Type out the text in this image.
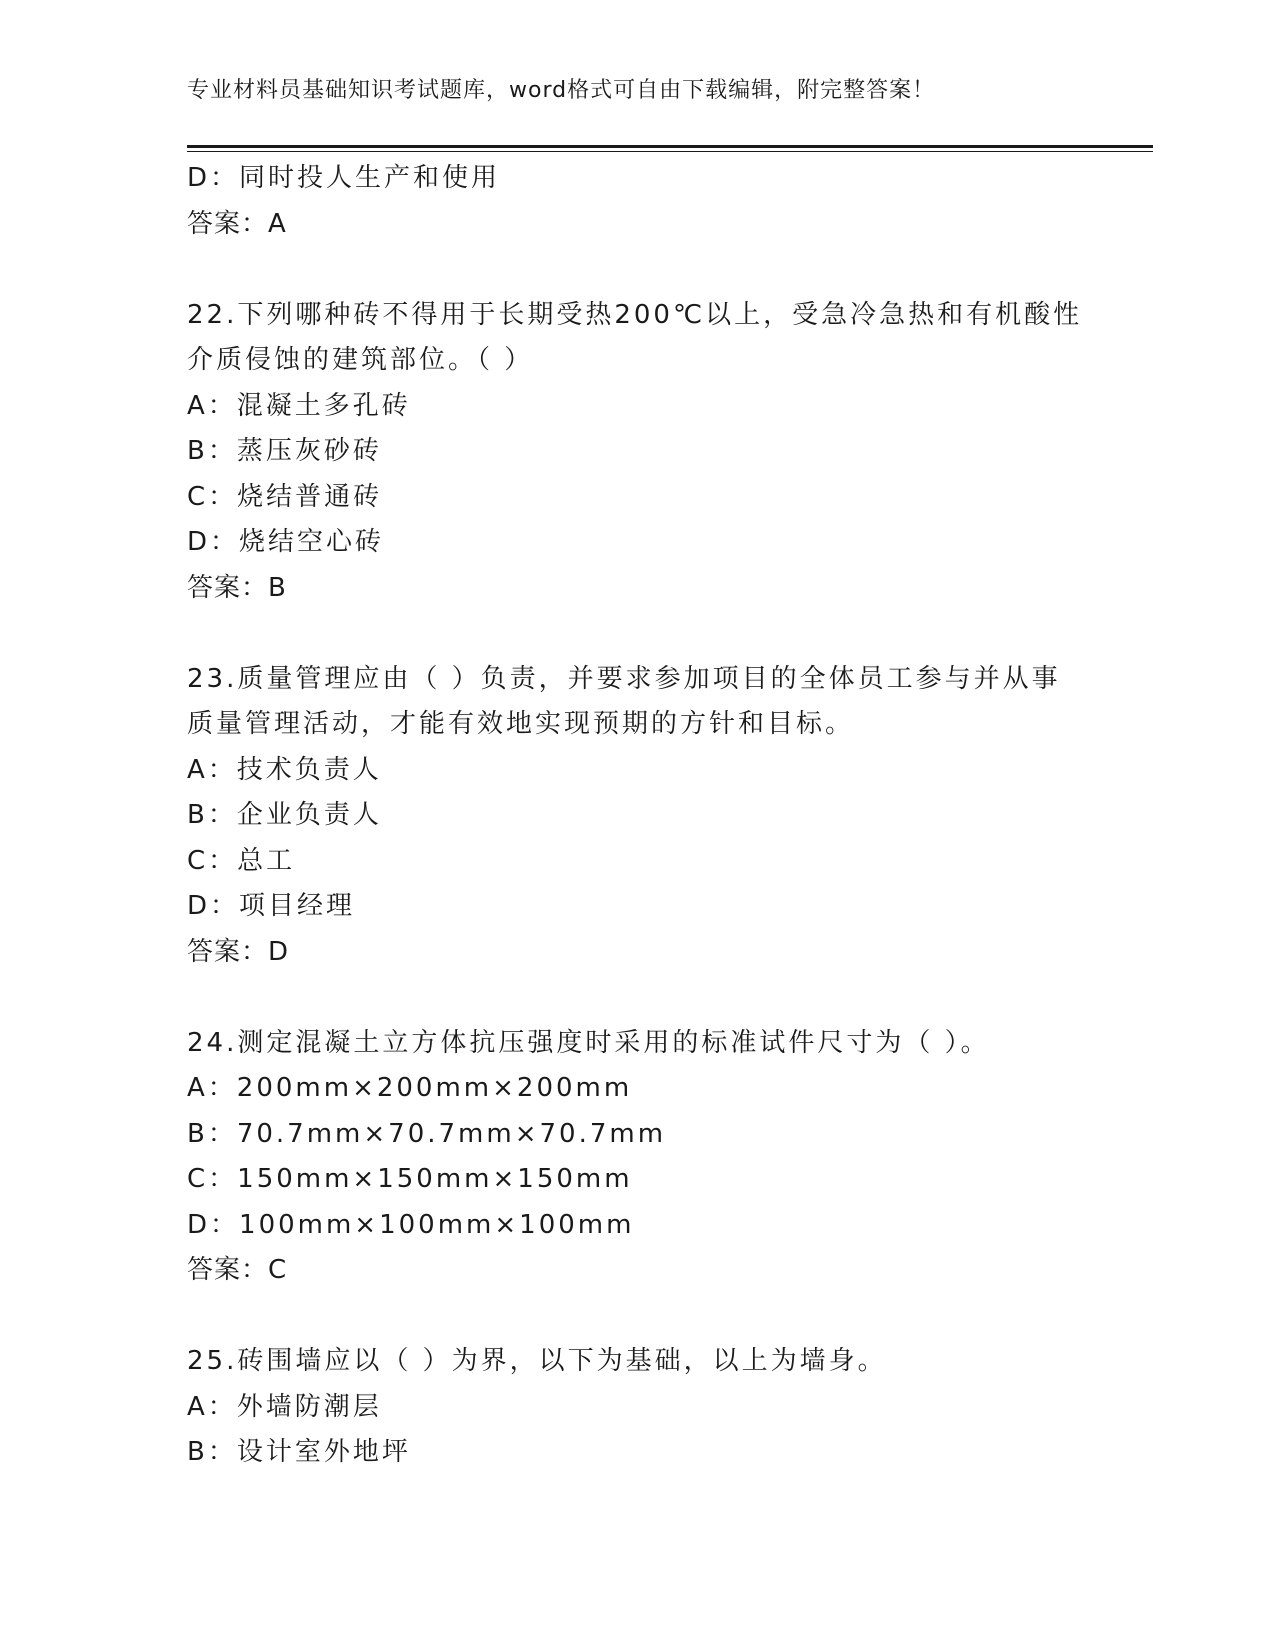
专业材料员基础知识考试题库，word格式可自由下载编辑，附完整答案！
D：同时投人生产和使用
答案：A
22.下列哪种砖不得用于长期受热200℃以上，受急冷急热和有机酸性
介质侵蚀的建筑部位。（ ）
A：混凝土多孔砖
B：蒸压灰砂砖
C：烧结普通砖
D：烧结空心砖
答案：B
23.质量管理应由（ ）负责，并要求参加项目的全体员工参与并从事
质量管理活动，才能有效地实现预期的方针和目标。
A：技术负责人
B：企业负责人
C：总工
D：项目经理
答案：D
24.测定混凝土立方体抗压强度时采用的标准试件尺寸为（ ）。
A：200mm×200mm×200mm
B：70.7mm×70.7mm×70.7mm
C：150mm×150mm×150mm
D：100mm×100mm×100mm
答案：C
25.砖围墙应以（ ）为界，以下为基础，以上为墙身。
A：外墙防潮层
B：设计室外地坪
